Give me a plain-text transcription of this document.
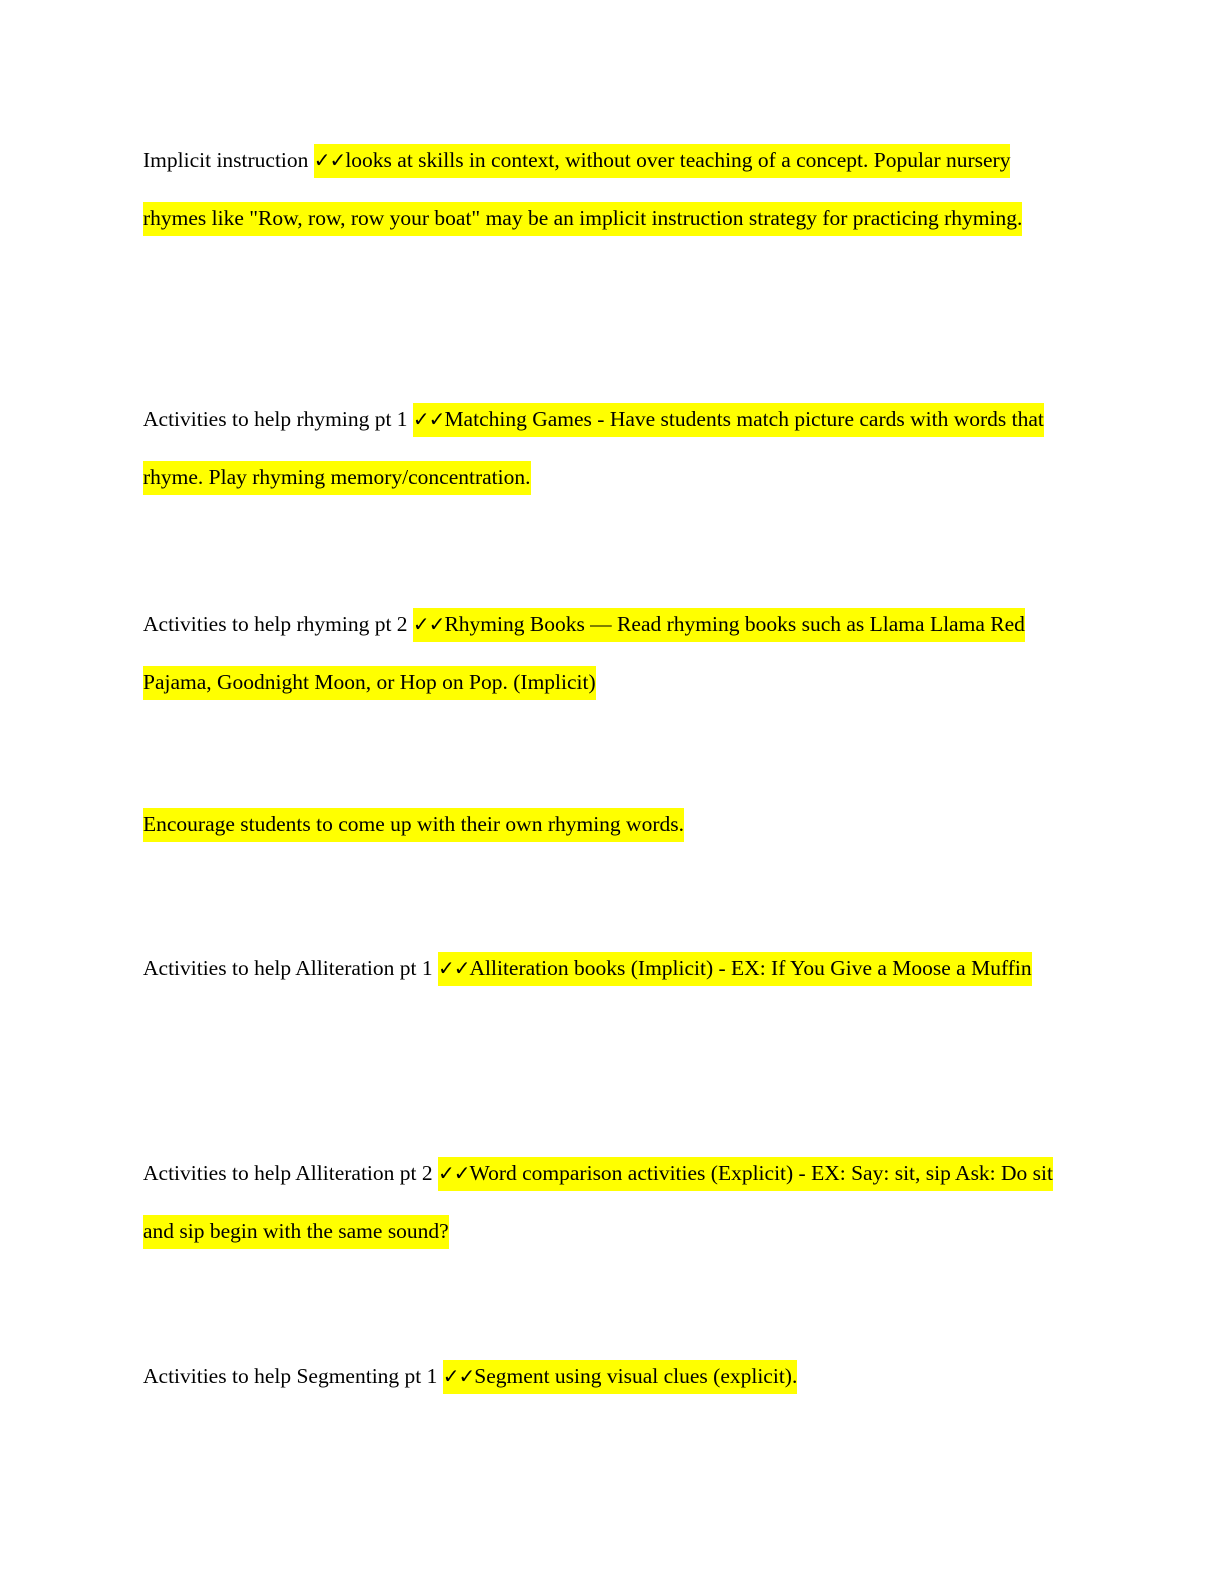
Implicit instruction ✓✓looks at skills in context, without over teaching of a concept. Popular nursery rhymes like "Row, row, row your boat" may be an implicit instruction strategy for practicing rhyming.

Activities to help rhyming pt 1 ✓✓Matching Games - Have students match picture cards with words that rhyme. Play rhyming memory/concentration.

Activities to help rhyming pt 2 ✓✓Rhyming Books — Read rhyming books such as Llama Llama Red Pajama, Goodnight Moon, or Hop on Pop. (Implicit)

Encourage students to come up with their own rhyming words.

Activities to help Alliteration pt 1 ✓✓Alliteration books (Implicit) - EX: If You Give a Moose a Muffin

Activities to help Alliteration pt 2 ✓✓Word comparison activities (Explicit) - EX: Say: sit, sip Ask: Do sit and sip begin with the same sound?

Activities to help Segmenting pt 1 ✓✓Segment using visual clues (explicit).
